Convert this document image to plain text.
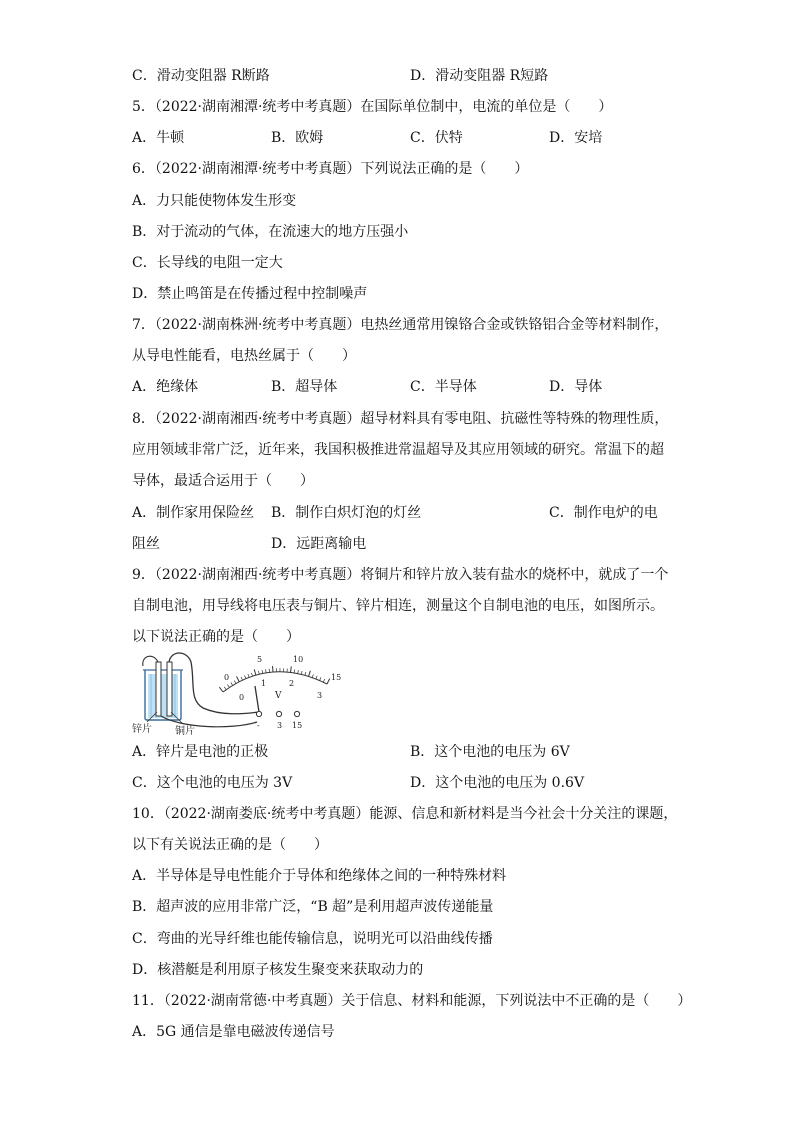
C．滑动变阻器 R断路	D．滑动变阻器 R短路
5．（2022·湖南湘潭·统考中考真题）在国际单位制中，电流的单位是（　　）
A．牛顿	B．欧姆	C．伏特	D．安培
6．（2022·湖南湘潭·统考中考真题）下列说法正确的是（　　）
A．力只能使物体发生形变
B．对于流动的气体，在流速大的地方压强小
C．长导线的电阻一定大
D．禁止鸣笛是在传播过程中控制噪声
7．（2022·湖南株洲·统考中考真题）电热丝通常用镍铬合金或铁铬铝合金等材料制作，
从导电性能看，电热丝属于（　　）
A．绝缘体	B．超导体	C．半导体	D．导体
8．（2022·湖南湘西·统考中考真题）超导材料具有零电阻、抗磁性等特殊的物理性质，
应用领域非常广泛，近年来，我国积极推进常温超导及其应用领域的研究。常温下的超
导体，最适合运用于（　　）
A．制作家用保险丝 B．制作白炽灯泡的灯丝	C．制作电炉的电
阻丝	D．远距离输电
9．（2022·湖南湘西·统考中考真题）将铜片和锌片放入装有盐水的烧杯中，就成了一个
自制电池，用导线将电压表与铜片、锌片相连，测量这个自制电池的电压，如图所示。
以下说法正确的是（　　）
5	10
15
0
0
1	2
3
V
- 3 15
锌片 铜片
A．锌片是电池的正极	B．这个电池的电压为 6V
C．这个电池的电压为 3V	D．这个电池的电压为 0.6V
10．（2022·湖南娄底·统考中考真题）能源、信息和新材料是当今社会十分关注的课题，
以下有关说法正确的是（　　）
A．半导体是导电性能介于导体和绝缘体之间的一种特殊材料
B．超声波的应用非常广泛，“B 超”是利用超声波传递能量
C．弯曲的光导纤维也能传输信息，说明光可以沿曲线传播
D．核潜艇是利用原子核发生聚变来获取动力的
11．（2022·湖南常德·中考真题）关于信息、材料和能源，下列说法中不正确的是（　　）
A．5G 通信是靠电磁波传递信号
